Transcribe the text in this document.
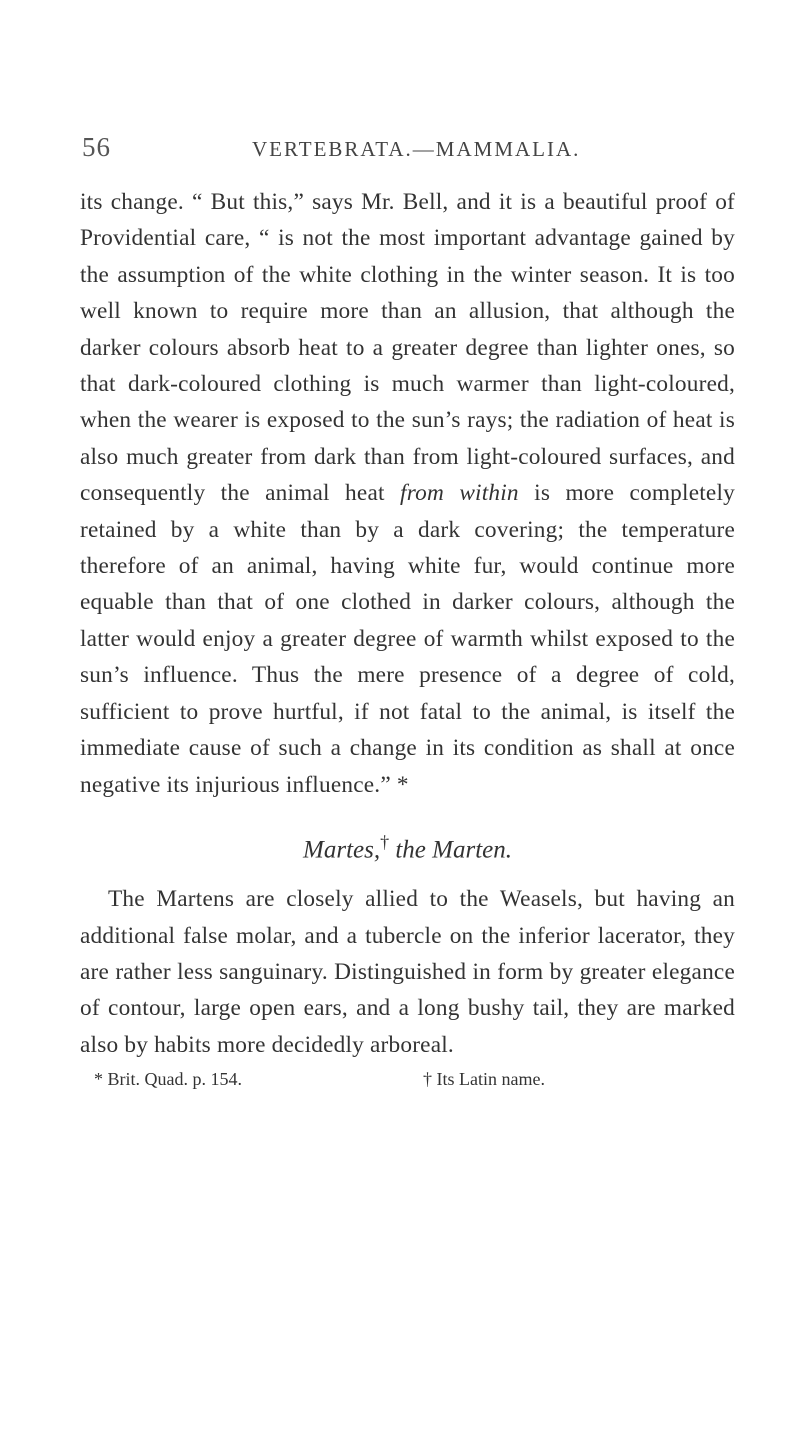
56	VERTEBRATA.—MAMMALIA.

its change. “ But this,” says Mr. Bell, and it is a beautiful proof of Providential care, “ is not the most important advantage gained by the assumption of the white clothing in the winter season. It is too well known to require more than an allusion, that although the darker colours absorb heat to a greater degree than lighter ones, so that dark-coloured clothing is much warmer than light-coloured, when the wearer is exposed to the sun’s rays; the radiation of heat is also much greater from dark than from light-coloured surfaces, and consequently the animal heat from within is more completely retained by a white than by a dark covering; the temperature therefore of an animal, having white fur, would continue more equable than that of one clothed in darker colours, although the latter would enjoy a greater degree of warmth whilst exposed to the sun’s influence. Thus the mere presence of a degree of cold, sufficient to prove hurtful, if not fatal to the animal, is itself the immediate cause of such a change in its condition as shall at once negative its injurious influence.” *

Martes,† the Marten.

The Martens are closely allied to the Weasels, but having an additional false molar, and a tubercle on the inferior lacerator, they are rather less sanguinary. Distinguished in form by greater elegance of contour, large open ears, and a long bushy tail, they are marked also by habits more decidedly arboreal.

* Brit. Quad. p. 154.	† Its Latin name.
